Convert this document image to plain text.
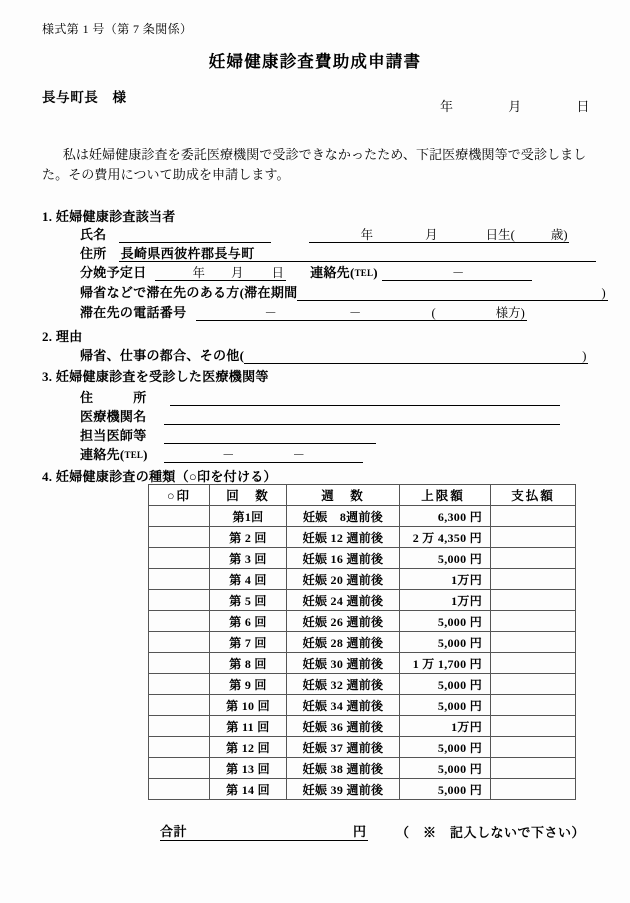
様式第 1 号（第 7 条関係）
妊婦健康診査費助成申請書
長与町長　様
年	月	日
私は妊婦健康診査を委託医療機関で受診できなかったため、下記医療機関等で受診しました。その費用について助成を申請します。
1. 妊婦健康診査該当者
氏名	年	月	日生(	歳)
住所 長崎県西彼杵郡長与町
分娩予定日	年 月 日 連絡先(TEL)	－
帰省などで滞在先のある方(滞在期間	)
滞在先の電話番号	－	－	(	様方)
2. 理由
帰省、仕事の都合、その他(	)
3. 妊婦健康診査を受診した医療機関等
住　　　所
医療機関名
担当医師等
連絡先(TEL)	－	－
4. 妊婦健康診査の種類（○印を付ける）
○印	回　数	週　数	上限額	支払額
	第1回	妊娠　8週前後	6,300 円	
	第 2 回	妊娠 12 週前後	2 万 4,350 円	
	第 3 回	妊娠 16 週前後	5,000 円	
	第 4 回	妊娠 20 週前後	1万円	
	第 5 回	妊娠 24 週前後	1万円	
	第 6 回	妊娠 26 週前後	5,000 円	
	第 7 回	妊娠 28 週前後	5,000 円	
	第 8 回	妊娠 30 週前後	1 万 1,700 円	
	第 9 回	妊娠 32 週前後	5,000 円	
	第 10 回	妊娠 34 週前後	5,000 円	
	第 11 回	妊娠 36 週前後	1万円	
	第 12 回	妊娠 37 週前後	5,000 円	
	第 13 回	妊娠 38 週前後	5,000 円	
	第 14 回	妊娠 39 週前後	5,000 円	
合計	円	（　※　記入しないで下さい）
